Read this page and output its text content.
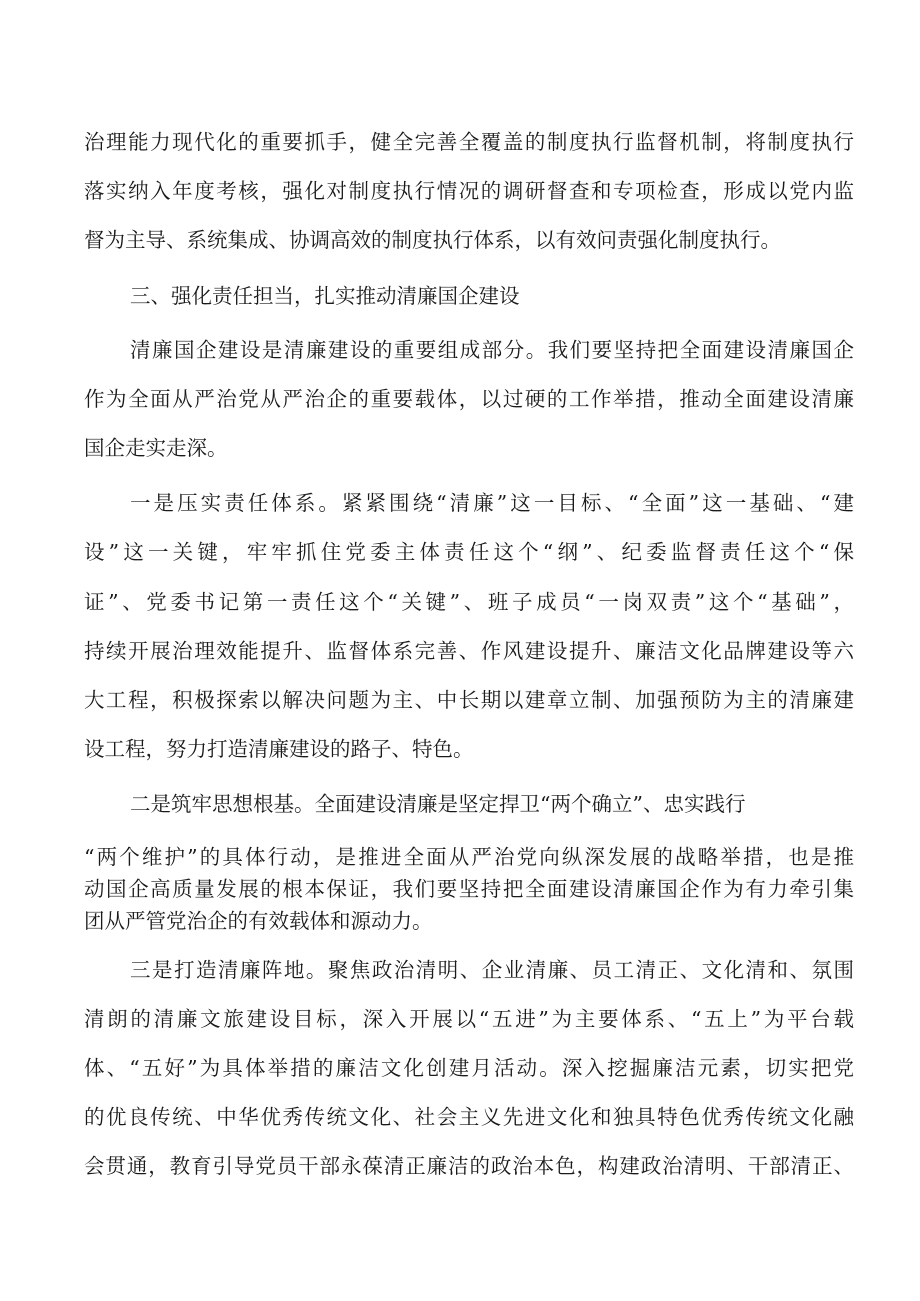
治理能力现代化的重要抓手，健全完善全覆盖的制度执行监督机制，将制度执行
落实纳入年度考核，强化对制度执行情况的调研督查和专项检查，形成以党内监
督为主导、系统集成、协调高效的制度执行体系，以有效问责强化制度执行。
三、强化责任担当，扎实推动清廉国企建设
清廉国企建设是清廉建设的重要组成部分。我们要坚持把全面建设清廉国企
作为全面从严治党从严治企的重要载体，以过硬的工作举措，推动全面建设清廉
国企走实走深。
一是压实责任体系。紧紧围绕“清廉”这一目标、“全面”这一基础、“建
设”这一关键，牢牢抓住党委主体责任这个“纲”、纪委监督责任这个“保
证”、党委书记第一责任这个“关键”、班子成员“一岗双责”这个“基础”，
持续开展治理效能提升、监督体系完善、作风建设提升、廉洁文化品牌建设等六
大工程，积极探索以解决问题为主、中长期以建章立制、加强预防为主的清廉建
设工程，努力打造清廉建设的路子、特色。
二是筑牢思想根基。全面建设清廉是坚定捍卫“两个确立”、忠实践行
“两个维护”的具体行动，是推进全面从严治党向纵深发展的战略举措，也是推
动国企高质量发展的根本保证，我们要坚持把全面建设清廉国企作为有力牵引集
团从严管党治企的有效载体和源动力。
三是打造清廉阵地。聚焦政治清明、企业清廉、员工清正、文化清和、氛围
清朗的清廉文旅建设目标，深入开展以“五进”为主要体系、“五上”为平台载
体、“五好”为具体举措的廉洁文化创建月活动。深入挖掘廉洁元素，切实把党
的优良传统、中华优秀传统文化、社会主义先进文化和独具特色优秀传统文化融
会贯通，教育引导党员干部永葆清正廉洁的政治本色，构建政治清明、干部清正、
